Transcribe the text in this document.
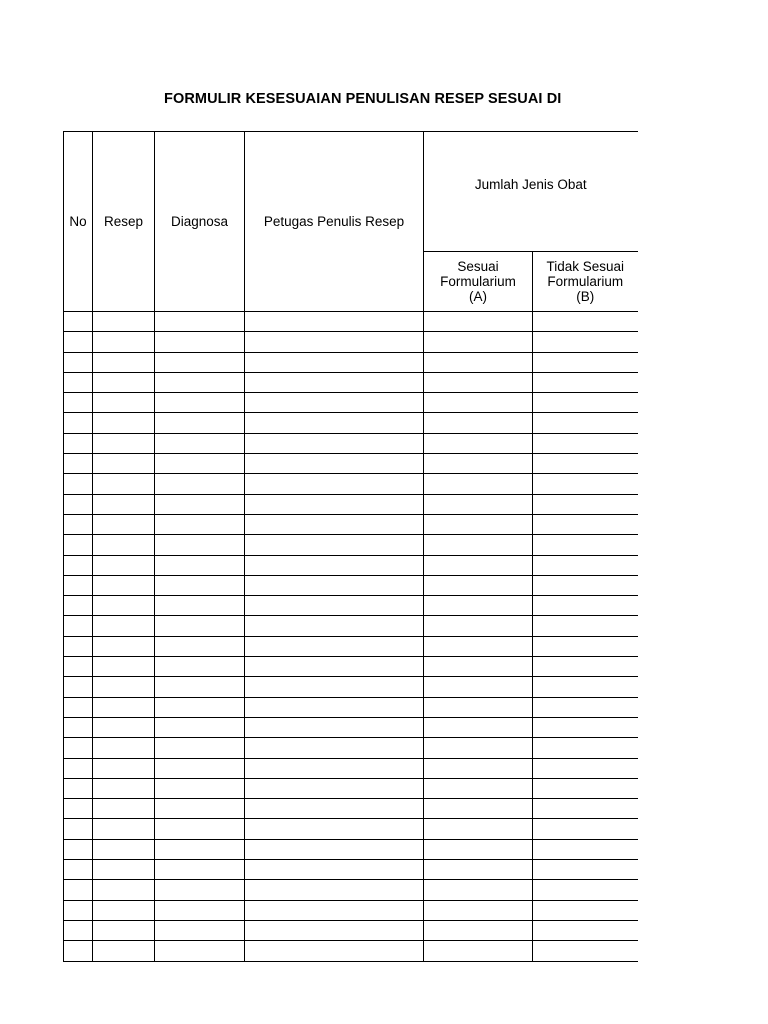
FORMULIR KESESUAIAN PENULISAN RESEP SESUAI DI
No	Resep	Diagnosa	Petugas Penulis Resep	Jumlah Jenis Obat	

				Sesuai
Formularium
(A)	Tidak Sesuai
Formularium
(B)
